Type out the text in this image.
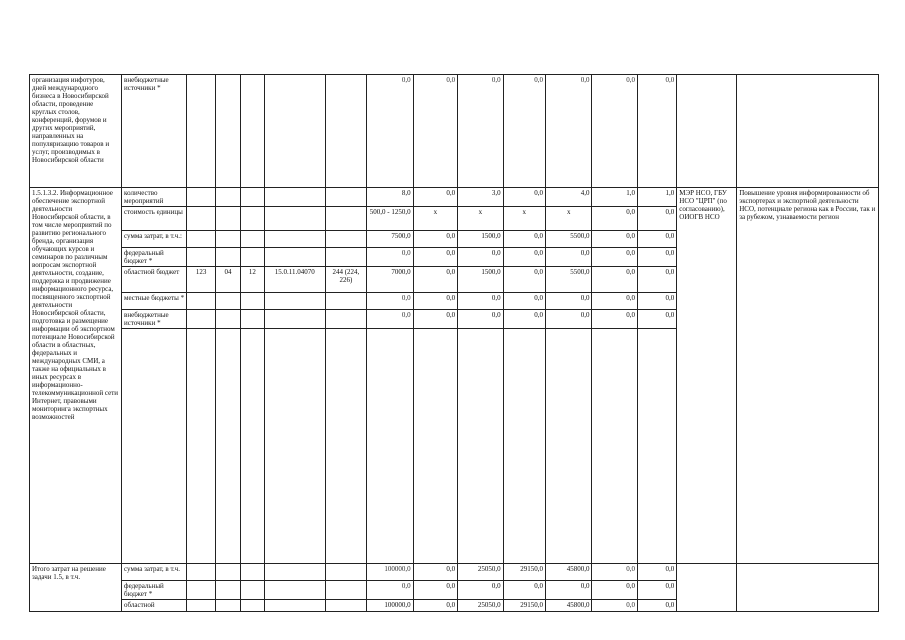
организация инфотуров, дней международного бизнеса в Новосибирской области, проведение круглых столов, конференций, форумов и других мероприятий, направленных на популяризацию товаров и услуг, производимых в Новосибирской области	внебюджетные источники *						0,0	0,0	0,0	0,0	0,0	0,0	0,0		
1.5.1.3.2. Информационное обеспечение экспортной деятельности Новосибирской области, в том числе мероприятий по развитию регионального бренда, организация обучающих курсов и семинаров по различным вопросам экспортной деятельности, создание, поддержка и продвижение информационного ресурса, посвященного экспортной деятельности Новосибирской области, подготовка и размещение информации об экспортном потенциале Новосибирской области в областных, федеральных и международных СМИ, а также на официальных в иных ресурсах в информационно-телекоммуникационной сети Интернет, правовыми мониторинга экспортных возможностей	количество мероприятий						8,0	0,0	3,0	0,0	4,0	1,0	1,0	МЭР НСО, ГБУ НСО "ЦРП" (по согласованию), ОИОГВ НСО	Повышение уровня информированности об экспортерах и экспортной деятельности НСО, потенциале региона как в России, так и за рубежом, узнаваемости регион
	стоимость единицы						500,0 - 1250,0	x	x	x	x	0,0	0,0		
	сумма затрат, в т.ч.:						7500,0	0,0	1500,0	0,0	5500,0	0,0	0,0		
	федеральный бюджет *						0,0	0,0	0,0	0,0	0,0	0,0	0,0		
	областной бюджет	123	04	12	15.0.11.04070	244 (224, 226)	7000,0	0,0	1500,0	0,0	5500,0	0,0	0,0		
	местные бюджеты *						0,0	0,0	0,0	0,0	0,0	0,0	0,0		
	внебюджетные источники *						0,0	0,0	0,0	0,0	0,0	0,0	0,0		

Итого затрат на решение задачи 1.5, в т.ч.	сумма затрат, в т.ч.						100000,0	0,0	25050,0	29150,0	45800,0	0,0	0,0		
	федеральный бюджет *						0,0	0,0	0,0	0,0	0,0	0,0	0,0		
	областной						100000,0	0,0	25050,0	29150,0	45800,0	0,0	0,0		
